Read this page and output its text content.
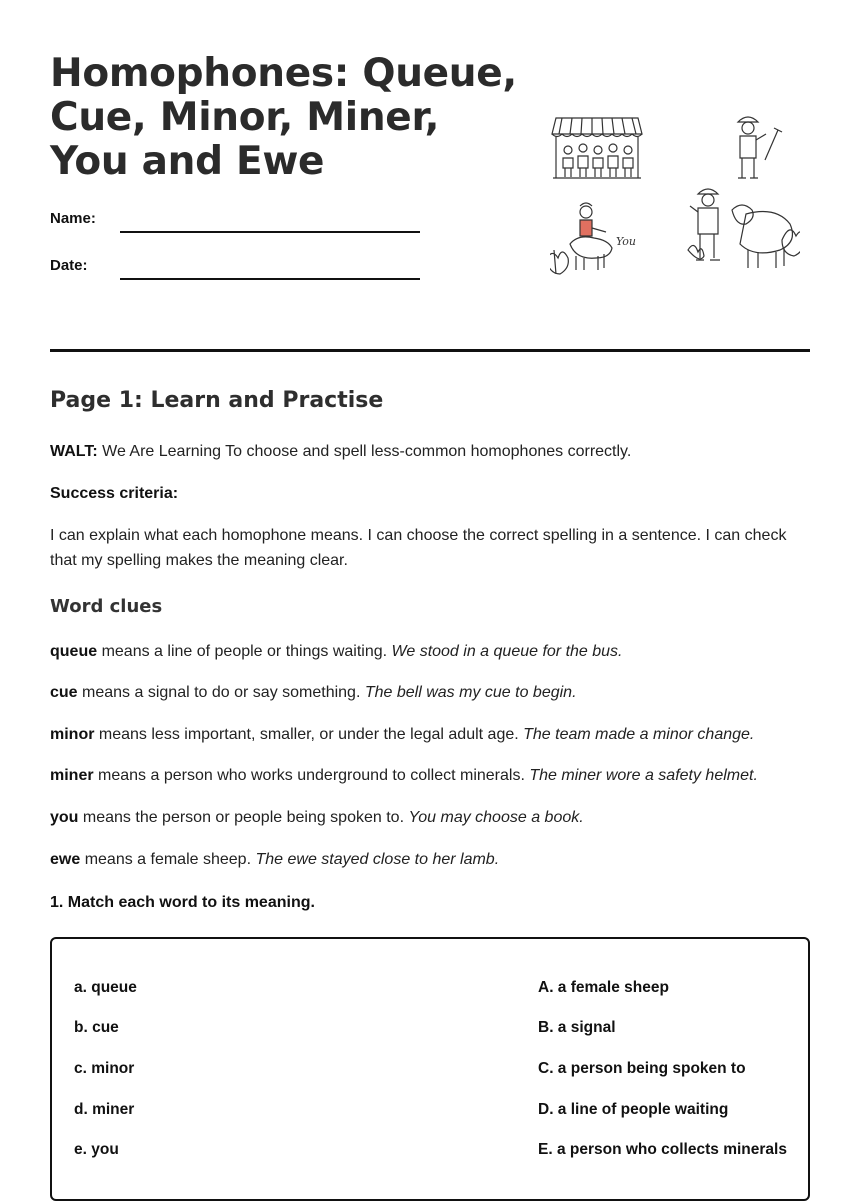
Homophones: Queue, Cue, Minor, Miner, You and Ewe
Name:
Date:
You
Page 1: Learn and Practise

WALT: We Are Learning To choose and spell less-common homophones correctly.

Success criteria:

I can explain what each homophone means. I can choose the correct spelling in a sentence. I can check that my spelling makes the meaning clear.

Word clues

queue means a line of people or things waiting. We stood in a queue for the bus.

cue means a signal to do or say something. The bell was my cue to begin.

minor means less important, smaller, or under the legal adult age. The team made a minor change.

miner means a person who works underground to collect minerals. The miner wore a safety helmet.

you means the person or people being spoken to. You may choose a book.

ewe means a female sheep. The ewe stayed close to her lamb.

1. Match each word to its meaning.

a. queue
b. cue
c. minor
d. miner
e. you
A. a female sheep
B. a signal
C. a person being spoken to
D. a line of people waiting
E. a person who collects minerals
